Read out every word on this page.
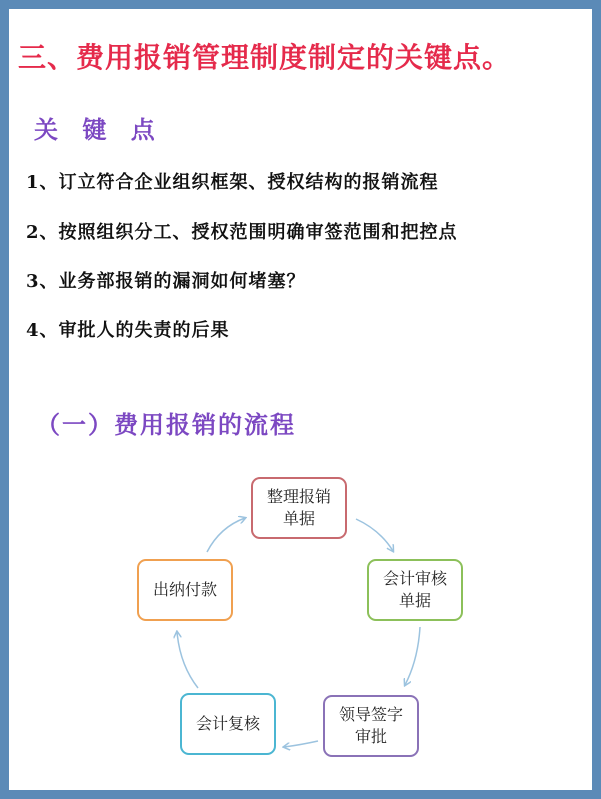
三、费用报销管理制度制定的关键点。
关 键 点
1、订立符合企业组织框架、授权结构的报销流程
2、按照组织分工、授权范围明确审签范围和把控点
3、业务部报销的漏洞如何堵塞？
4、审批人的失责的后果
（一）费用报销的流程
整理报销单据
会计审核单据
领导签字审批
会计复核
出纳付款
